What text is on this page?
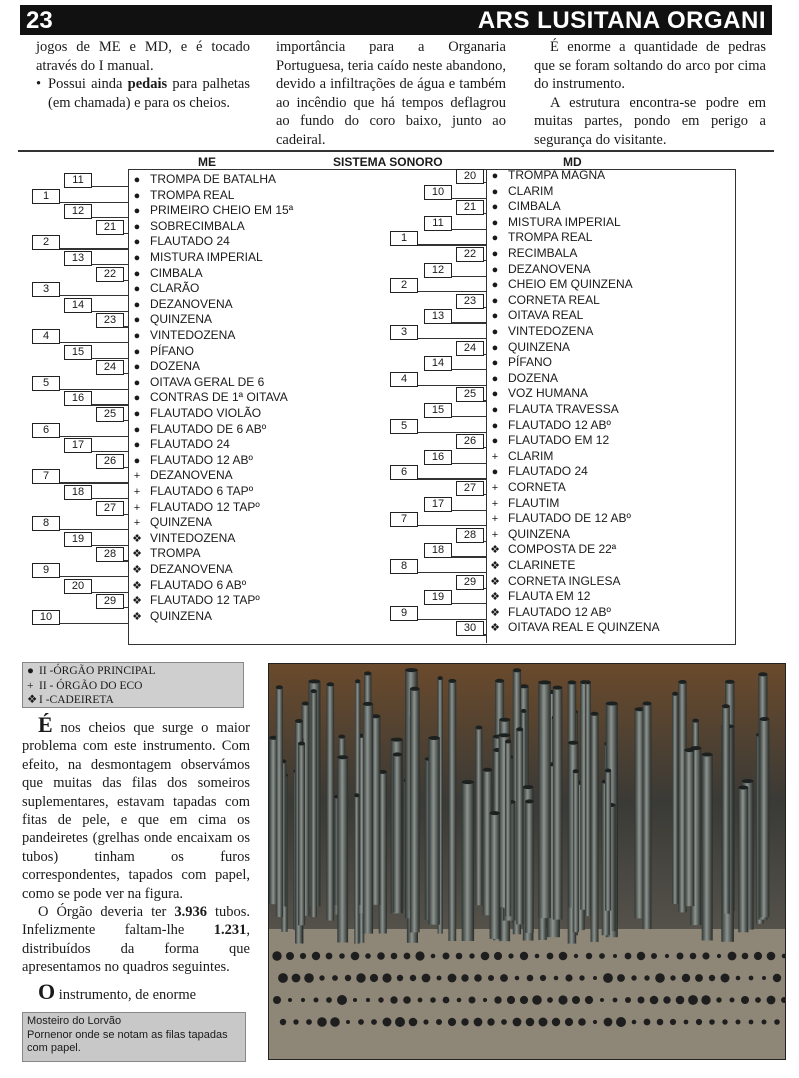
23	ARS LUSITANA ORGANI

jogos de ME e MD, e é tocado através do I manual.

• Possui ainda pedais para palhetas (em chamada) e para os cheios.

importância para a Organaria Portuguesa, teria caído neste abandono, devido a infiltrações de água e também ao incêndio que há tempos deflagrou ao fundo do coro baixo, junto ao cadeiral.

É enorme a quantidade de pedras que se foram soltando do arco por cima do instrumento.

A estrutura encontra-se podre em muitas partes, pondo em perigo a segurança do visitante.

ME	SISTEMA SONORO	MD
11	● TROMPA DE BATALHA
1	● TROMPA REAL
12	● PRIMEIRO CHEIO EM 15ª
21	● SOBRECIMBALA
2	● FLAUTADO 24
13	● MISTURA IMPERIAL
22	● CIMBALA
3	● CLARÃO
14	● DEZANOVENA
23	● QUINZENA
4	● VINTEDOZENA
15	● PÍFANO
24	● DOZENA
5	● OITAVA GERAL DE 6
16	● CONTRAS DE 1ª OITAVA
25	● FLAUTADO VIOLÃO
6	● FLAUTADO DE 6 ABº
17	● FLAUTADO 24
26	● FLAUTADO 12 ABº
7	+ DEZANOVENA
18	+ FLAUTADO 6 TAPº
27	+ FLAUTADO 12 TAPº
8	+ QUINZENA
19	❖ VINTEDOZENA
28	❖ TROMPA
9	❖ DEZANOVENA
20	❖ FLAUTADO 6 ABº
29	❖ FLAUTADO 12 TAPº
10	❖ QUINZENA
20	● TROMPA MAGNA
10	● CLARIM
21	● CIMBALA
11	● MISTURA IMPERIAL
1	● TROMPA REAL
22	● RECIMBALA
12	● DEZANOVENA
2	● CHEIO EM QUINZENA
23	● CORNETA REAL
13	● OITAVA REAL
3	● VINTEDOZENA
24	● QUINZENA
14	● PÍFANO
4	● DOZENA
25	● VOZ HUMANA
15	● FLAUTA TRAVESSA
5	● FLAUTADO 12 ABº
26	● FLAUTADO EM 12
16	+ CLARIM
6	● FLAUTADO 24
27	+ CORNETA
17	+ FLAUTIM
7	+ FLAUTADO DE 12 ABº
28	+ QUINZENA
18	❖ COMPOSTA DE 22ª
8	❖ CLARINETE
29	❖ CORNETA INGLESA
19	❖ FLAUTA EM 12
9	❖ FLAUTADO 12 ABº
30	❖ OITAVA REAL E QUINZENA
● II -ÓRGÃO PRINCIPAL
+ II - ÓRGÃO DO ECO
❖ I -CADEIRETA

É nos cheios que surge o maior problema com este instrumento. Com efeito, na desmontagem observámos que muitas das filas dos someiros suplementares, estavam tapadas com fitas de pele, e que em cima os pandeiretes (grelhas onde encaixam os tubos) tinham os furos correspondentes, tapados com papel, como se pode ver na figura.

O Órgão deveria ter 3.936 tubos. Infelizmente faltam-lhe 1.231, distribuídos da forma que apresentamos no quadros seguintes.

O instrumento, de enorme

Mosteiro do Lorvão
Pornenor onde se notam as filas tapadas com papel.
